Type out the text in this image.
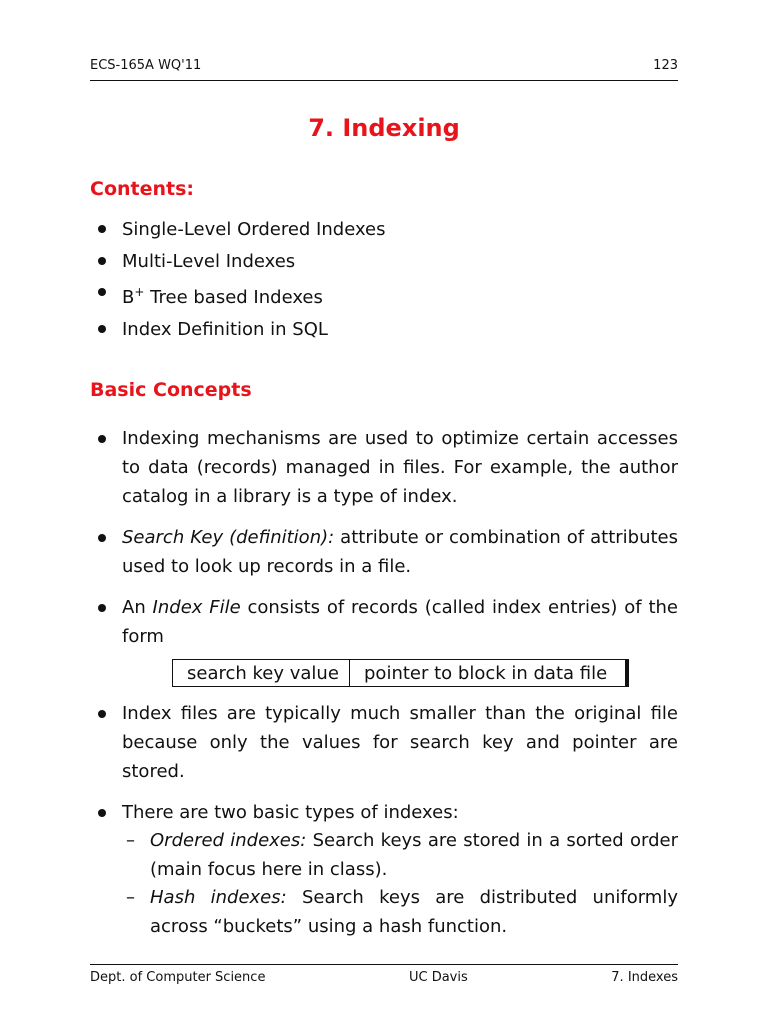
ECS-165A WQ'11	123
7. Indexing
Contents:
Single-Level Ordered Indexes
Multi-Level Indexes
B+ Tree based Indexes
Index Definition in SQL
Basic Concepts
Indexing mechanisms are used to optimize certain accesses to data (records) managed in files. For example, the author catalog in a library is a type of index.
Search Key (definition): attribute or combination of attributes used to look up records in a file.
An Index File consists of records (called index entries) of the form
search key value	pointer to block in data file
Index files are typically much smaller than the original file because only the values for search key and pointer are stored.
There are two basic types of indexes:
– Ordered indexes: Search keys are stored in a sorted order (main focus here in class).
– Hash indexes: Search keys are distributed uniformly across “buckets” using a hash function.
Dept. of Computer Science	UC Davis	7. Indexes
